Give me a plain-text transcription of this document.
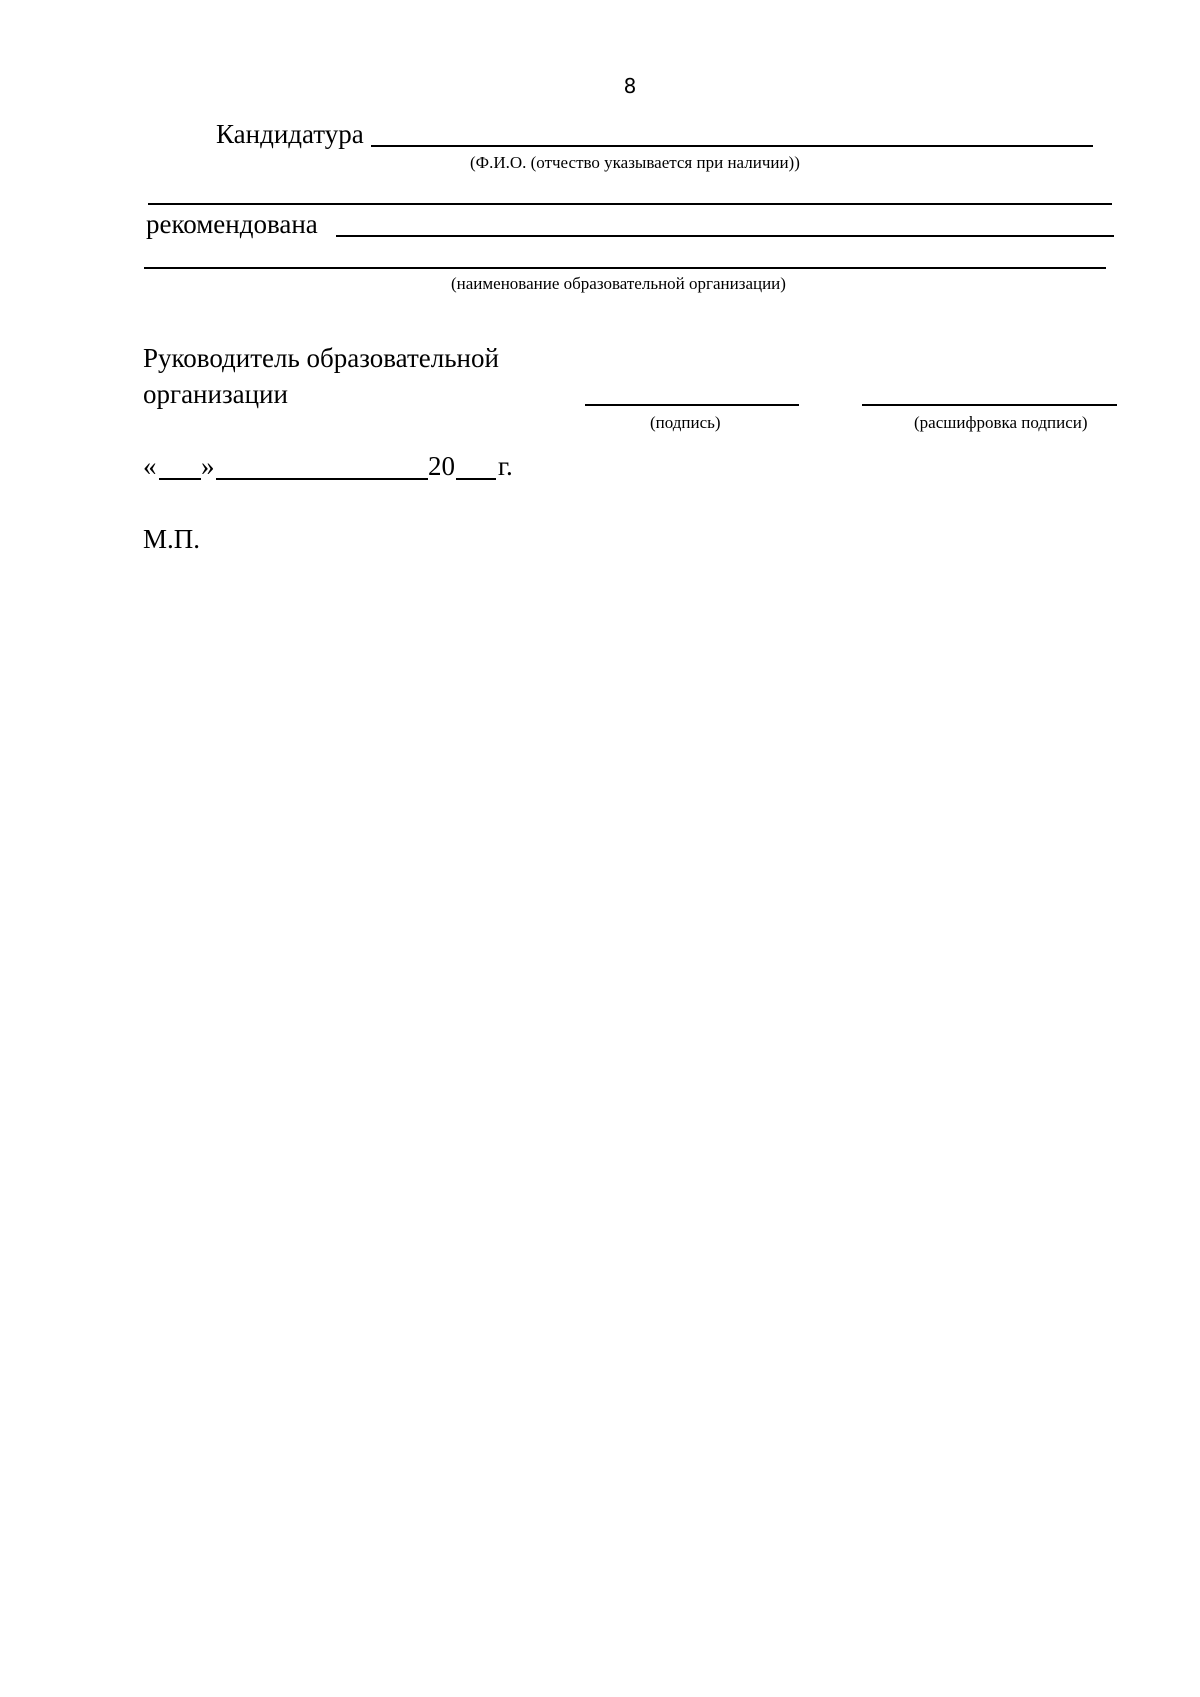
8
Кандидатура
(Ф.И.О. (отчество указывается при наличии))
рекомендована
(наименование образовательной организации)
Руководитель образовательной
организации
(подпись)	(расшифровка подписи)
« »	20 г.
М.П.
